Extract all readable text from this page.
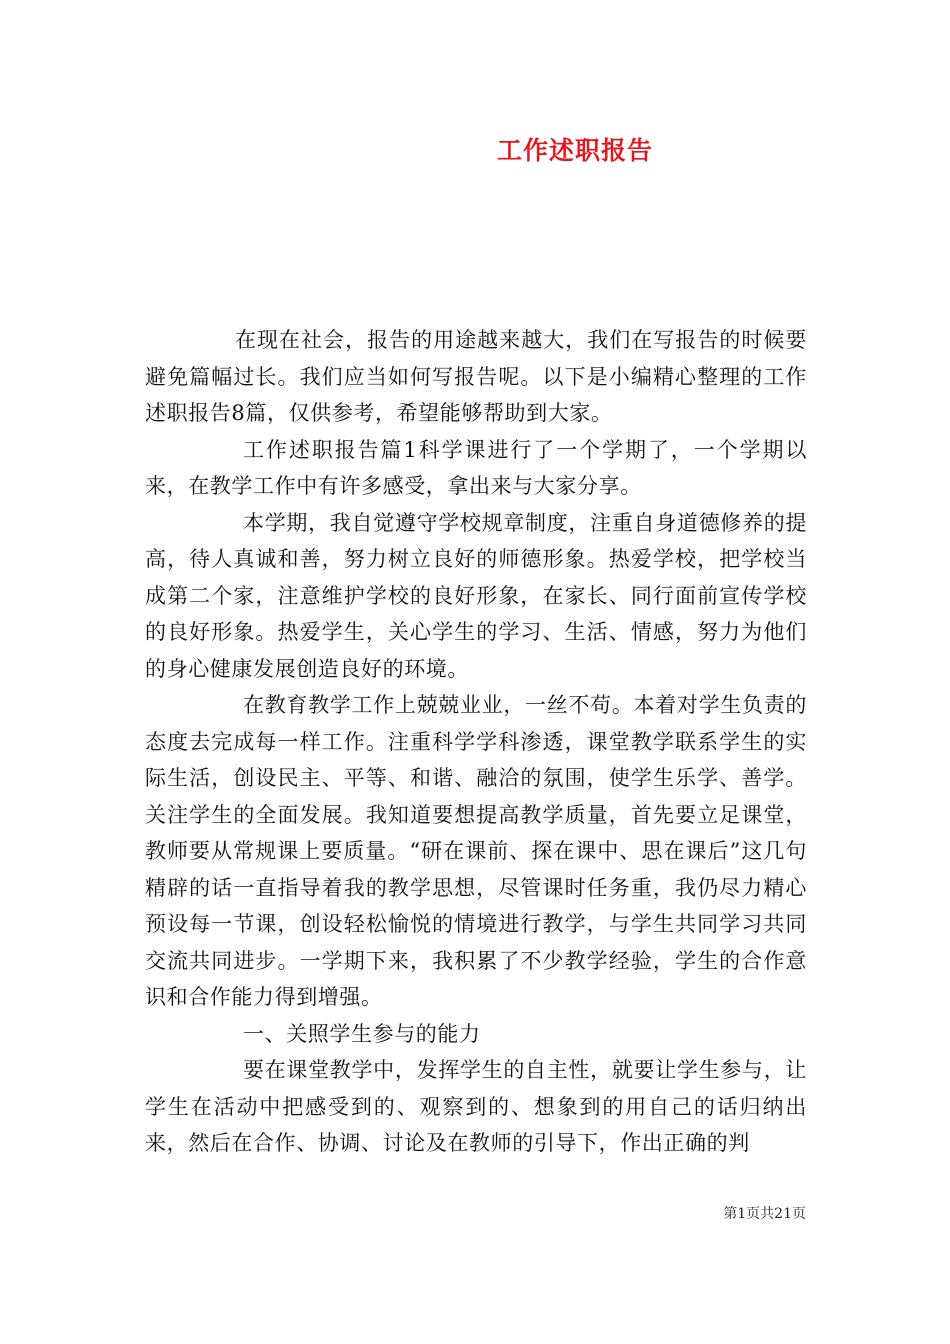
工作述职报告

在现在社会，报告的用途越来越大，我们在写报告的时候要避免篇幅过长。我们应当如何写报告呢。以下是小编精心整理的工作述职报告8篇，仅供参考，希望能够帮助到大家。

工作述职报告篇1科学课进行了一个学期了，一个学期以来，在教学工作中有许多感受，拿出来与大家分享。

本学期，我自觉遵守学校规章制度，注重自身道德修养的提高，待人真诚和善，努力树立良好的师德形象。热爱学校，把学校当成第二个家，注意维护学校的良好形象，在家长、同行面前宣传学校的良好形象。热爱学生，关心学生的学习、生活、情感，努力为他们的身心健康发展创造良好的环境。

在教育教学工作上兢兢业业，一丝不苟。本着对学生负责的态度去完成每一样工作。注重科学学科渗透，课堂教学联系学生的实际生活，创设民主、平等、和谐、融洽的氛围，使学生乐学、善学。关注学生的全面发展。我知道要想提高教学质量，首先要立足课堂，教师要从常规课上要质量。“研在课前、探在课中、思在课后”这几句精辟的话一直指导着我的教学思想，尽管课时任务重，我仍尽力精心预设每一节课，创设轻松愉悦的情境进行教学，与学生共同学习共同交流共同进步。一学期下来，我积累了不少教学经验，学生的合作意识和合作能力得到增强。

一、关照学生参与的能力

要在课堂教学中，发挥学生的自主性，就要让学生参与，让学生在活动中把感受到的、观察到的、想象到的用自己的话归纳出来，然后在合作、协调、讨论及在教师的引导下，作出正确的判

第1页共21页
